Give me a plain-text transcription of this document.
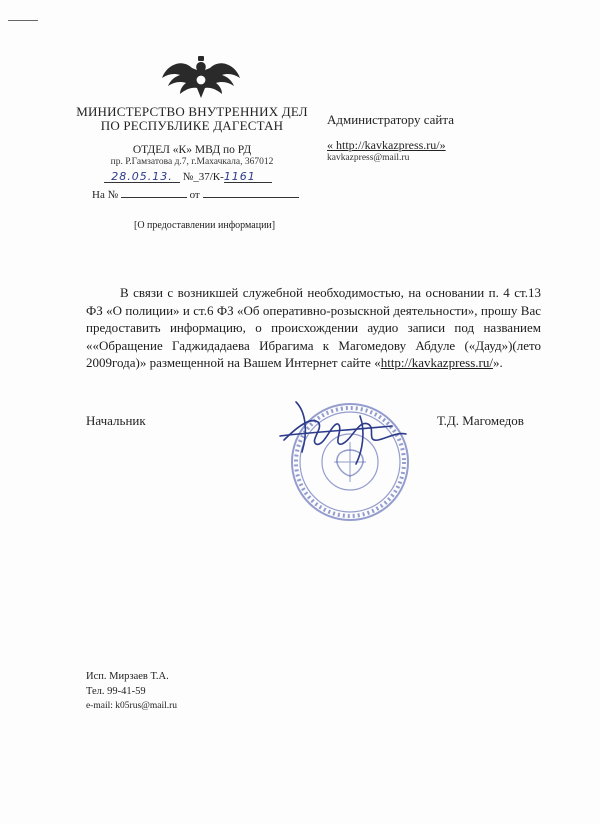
МИНИСТЕРСТВО ВНУТРЕННИХ ДЕЛ
ПО РЕСПУБЛИКЕ ДАГЕСТАН
ОТДЕЛ «К» МВД по РД
пр. Р.Гамзатова д.7, г.Махачкала, 367012
28.05.13. №_37/К-1161
На №	от
[О предоставлении информации]
Администратору сайта
« http://kavkazpress.ru/»
kavkazpress@mail.ru

В связи с возникшей служебной необходимостью, на основании п. 4 ст.13 ФЗ «О полиции» и ст.6 ФЗ «Об оперативно-розыскной деятельности», прошу Вас предоставить информацию, о происхождении аудио записи под названием ««Обращение Гаджидадаева Ибрагима к Магомедову Абдуле («Дауд»)(лето 2009года)» размещенной на Вашем Интернет сайте «http://kavkazpress.ru/».

Начальник	Т.Д. Магомедов
Исп. Мирзаев Т.А.
Тел. 99-41-59
e-mail: k05rus@mail.ru
